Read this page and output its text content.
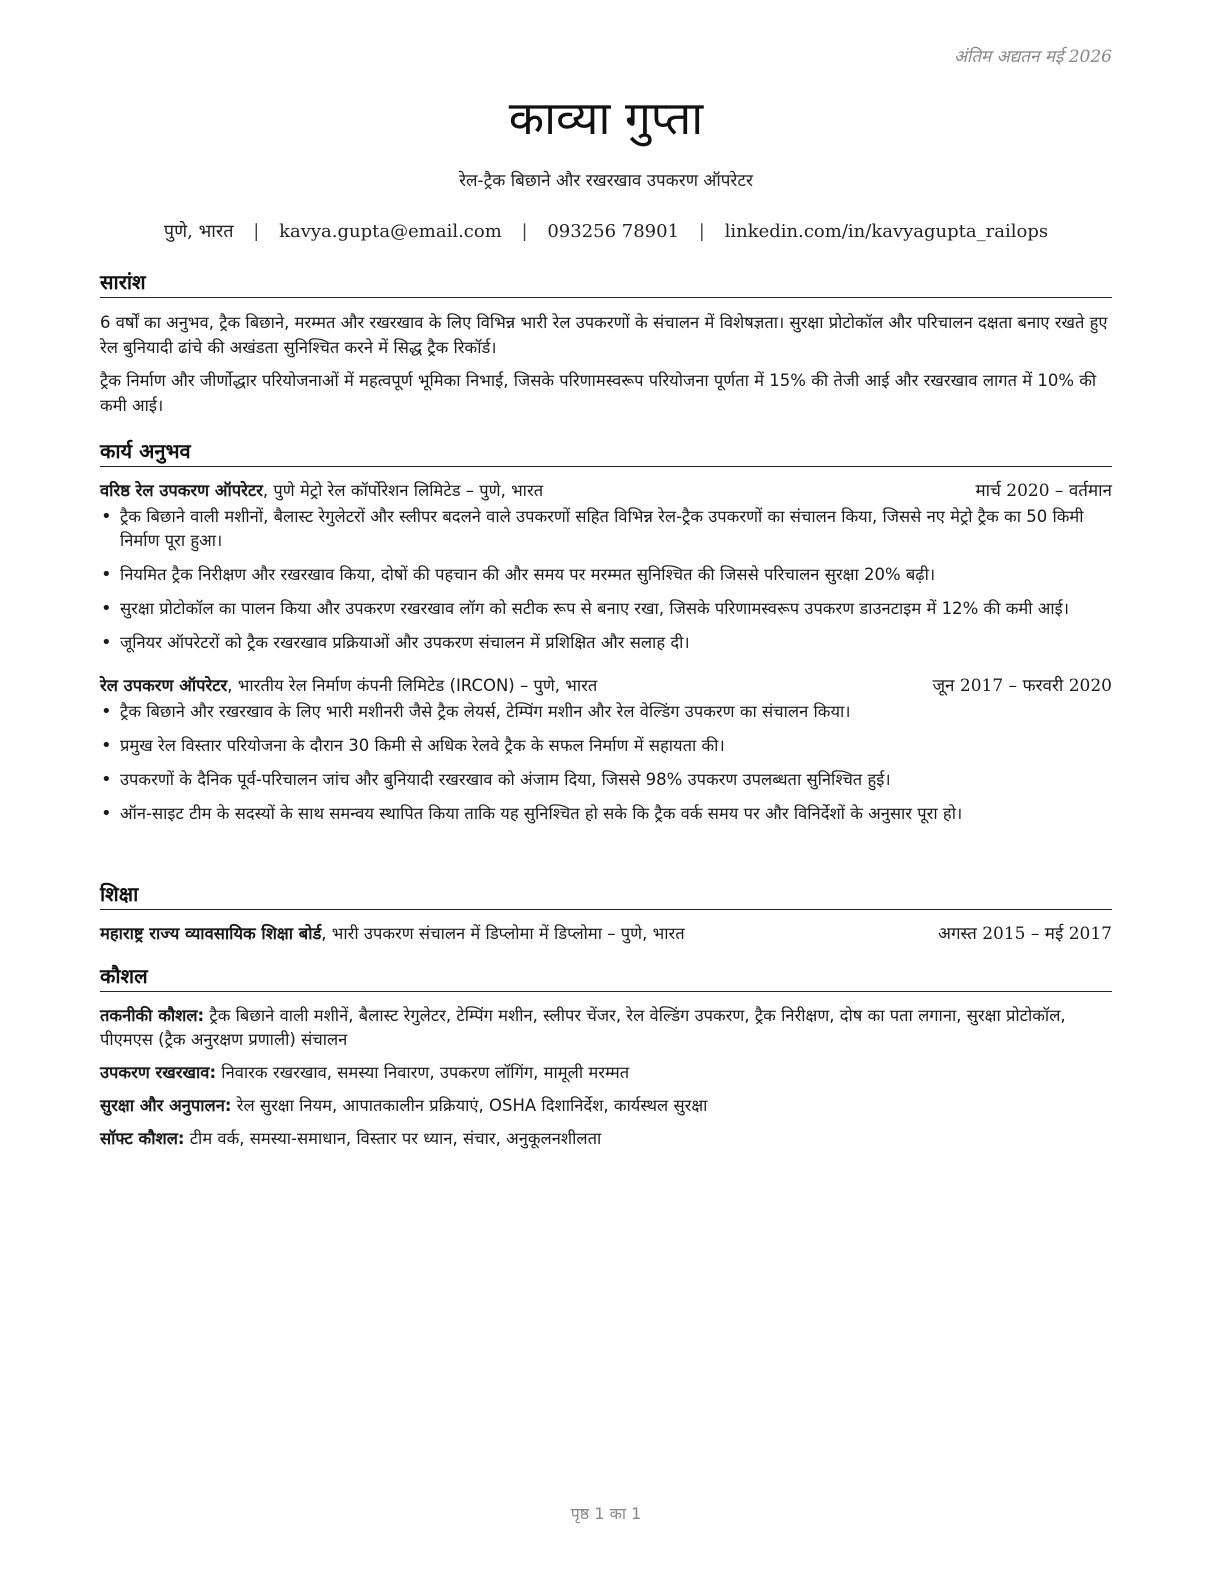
अंतिम अद्यतन मई 2026
काव्या गुप्ता
रेल-ट्रैक बिछाने और रखरखाव उपकरण ऑपरेटर
पुणे, भारत | kavya.gupta@email.com | 093256 78901 | linkedin.com/in/kavyagupta_railops
सारांश

6 वर्षों का अनुभव, ट्रैक बिछाने, मरम्मत और रखरखाव के लिए विभिन्न भारी रेल उपकरणों के संचालन में विशेषज्ञता। सुरक्षा प्रोटोकॉल और परिचालन दक्षता बनाए रखते हुए रेल बुनियादी ढांचे की अखंडता सुनिश्चित करने में सिद्ध ट्रैक रिकॉर्ड।

ट्रैक निर्माण और जीर्णोद्धार परियोजनाओं में महत्वपूर्ण भूमिका निभाई, जिसके परिणामस्वरूप परियोजना पूर्णता में 15% की तेजी आई और रखरखाव लागत में 10% की कमी आई।

कार्य अनुभव
वरिष्ठ रेल उपकरण ऑपरेटर, पुणे मेट्रो रेल कॉर्पोरेशन लिमिटेड – पुणे, भारत	मार्च 2020 – वर्तमान
• ट्रैक बिछाने वाली मशीनों, बैलास्ट रेगुलेटरों और स्लीपर बदलने वाले उपकरणों सहित विभिन्न रेल-ट्रैक उपकरणों का संचालन किया, जिससे नए मेट्रो ट्रैक का 50 किमी निर्माण पूरा हुआ।
• नियमित ट्रैक निरीक्षण और रखरखाव किया, दोषों की पहचान की और समय पर मरम्मत सुनिश्चित की जिससे परिचालन सुरक्षा 20% बढ़ी।
• सुरक्षा प्रोटोकॉल का पालन किया और उपकरण रखरखाव लॉग को सटीक रूप से बनाए रखा, जिसके परिणामस्वरूप उपकरण डाउनटाइम में 12% की कमी आई।
• जूनियर ऑपरेटरों को ट्रैक रखरखाव प्रक्रियाओं और उपकरण संचालन में प्रशिक्षित और सलाह दी।
रेल उपकरण ऑपरेटर, भारतीय रेल निर्माण कंपनी लिमिटेड (IRCON) – पुणे, भारत	जून 2017 – फरवरी 2020
• ट्रैक बिछाने और रखरखाव के लिए भारी मशीनरी जैसे ट्रैक लेयर्स, टेम्पिंग मशीन और रेल वेल्डिंग उपकरण का संचालन किया।
• प्रमुख रेल विस्तार परियोजना के दौरान 30 किमी से अधिक रेलवे ट्रैक के सफल निर्माण में सहायता की।
• उपकरणों के दैनिक पूर्व-परिचालन जांच और बुनियादी रखरखाव को अंजाम दिया, जिससे 98% उपकरण उपलब्धता सुनिश्चित हुई।
• ऑन-साइट टीम के सदस्यों के साथ समन्वय स्थापित किया ताकि यह सुनिश्चित हो सके कि ट्रैक वर्क समय पर और विनिर्देशों के अनुसार पूरा हो।
शिक्षा
महाराष्ट्र राज्य व्यावसायिक शिक्षा बोर्ड, भारी उपकरण संचालन में डिप्लोमा में डिप्लोमा – पुणे, भारत	अगस्त 2015 – मई 2017
कौशल
तकनीकी कौशल: ट्रैक बिछाने वाली मशीनें, बैलास्ट रेगुलेटर, टेम्पिंग मशीन, स्लीपर चेंजर, रेल वेल्डिंग उपकरण, ट्रैक निरीक्षण, दोष का पता लगाना, सुरक्षा प्रोटोकॉल, पीएमएस (ट्रैक अनुरक्षण प्रणाली) संचालन
उपकरण रखरखाव: निवारक रखरखाव, समस्या निवारण, उपकरण लॉगिंग, मामूली मरम्मत
सुरक्षा और अनुपालन: रेल सुरक्षा नियम, आपातकालीन प्रक्रियाएं, OSHA दिशानिर्देश, कार्यस्थल सुरक्षा
सॉफ्ट कौशल: टीम वर्क, समस्या-समाधान, विस्तार पर ध्यान, संचार, अनुकूलनशीलता
पृष्ठ 1 का 1
